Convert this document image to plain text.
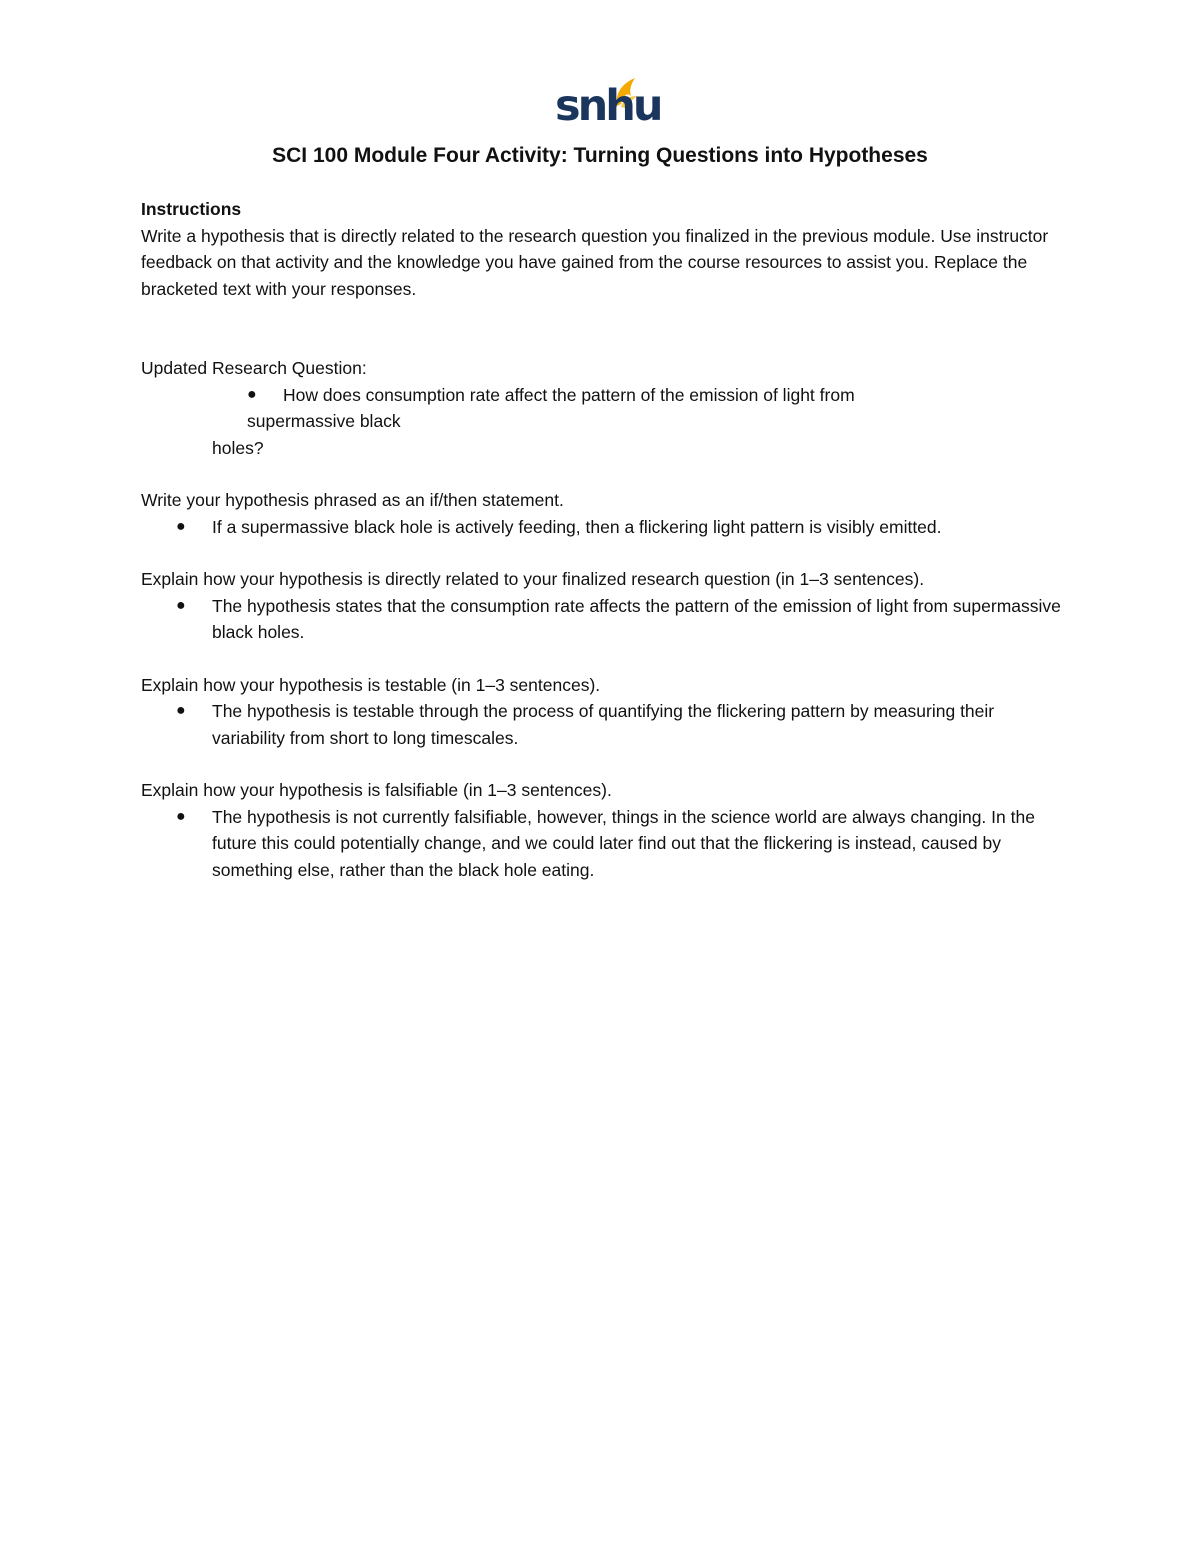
snhu
SCI 100 Module Four Activity: Turning Questions into Hypotheses

Instructions

Write a hypothesis that is directly related to the research question you finalized in the previous module. Use instructor feedback on that activity and the knowledge you have gained from the course resources to assist you. Replace the bracketed text with your responses.

Updated Research Question:

● How does consumption rate affect the pattern of the emission of light from
supermassive black

holes?

Write your hypothesis phrased as an if/then statement.

● If a supermassive black hole is actively feeding, then a flickering light pattern is visibly emitted.

Explain how your hypothesis is directly related to your finalized research question (in 1–3 sentences).

● The hypothesis states that the consumption rate affects the pattern of the emission of light from supermassive black holes.

Explain how your hypothesis is testable (in 1–3 sentences).

● The hypothesis is testable through the process of quantifying the flickering pattern by measuring their variability from short to long timescales.

Explain how your hypothesis is falsifiable (in 1–3 sentences).

● The hypothesis is not currently falsifiable, however, things in the science world are always changing. In the future this could potentially change, and we could later find out that the flickering is instead, caused by something else, rather than the black hole eating.
